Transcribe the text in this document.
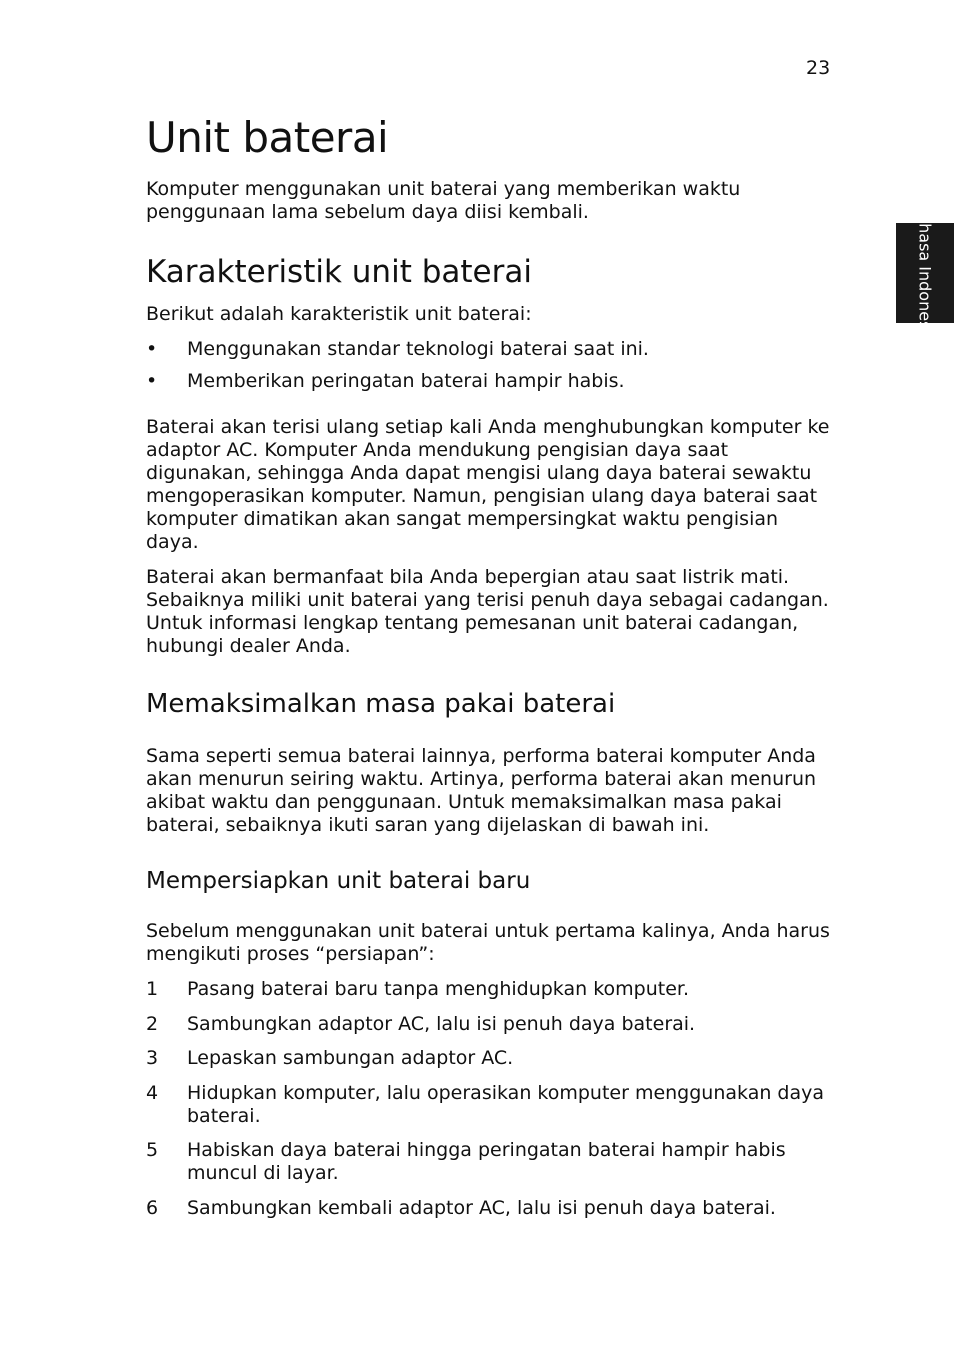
23
Bahasa Indonesia
Unit baterai

Komputer menggunakan unit baterai yang memberikan waktu penggunaan lama sebelum daya diisi kembali.

Karakteristik unit baterai

Berikut adalah karakteristik unit baterai:

•	Menggunakan standar teknologi baterai saat ini.
•	Memberikan peringatan baterai hampir habis.

Baterai akan terisi ulang setiap kali Anda menghubungkan komputer ke adaptor AC. Komputer Anda mendukung pengisian daya saat digunakan, sehingga Anda dapat mengisi ulang daya baterai sewaktu mengoperasikan komputer. Namun, pengisian ulang daya baterai saat komputer dimatikan akan sangat mempersingkat waktu pengisian daya.

Baterai akan bermanfaat bila Anda bepergian atau saat listrik mati. Sebaiknya miliki unit baterai yang terisi penuh daya sebagai cadangan. Untuk informasi lengkap tentang pemesanan unit baterai cadangan, hubungi dealer Anda.

Memaksimalkan masa pakai baterai

Sama seperti semua baterai lainnya, performa baterai komputer Anda akan menurun seiring waktu. Artinya, performa baterai akan menurun akibat waktu dan penggunaan. Untuk memaksimalkan masa pakai baterai, sebaiknya ikuti saran yang dijelaskan di bawah ini.

Mempersiapkan unit baterai baru

Sebelum menggunakan unit baterai untuk pertama kalinya, Anda harus mengikuti proses “persiapan”:

1	Pasang baterai baru tanpa menghidupkan komputer.
2	Sambungkan adaptor AC, lalu isi penuh daya baterai.
3	Lepaskan sambungan adaptor AC.
4	Hidupkan komputer, lalu operasikan komputer menggunakan daya baterai.
5	Habiskan daya baterai hingga peringatan baterai hampir habis muncul di layar.
6	Sambungkan kembali adaptor AC, lalu isi penuh daya baterai.
